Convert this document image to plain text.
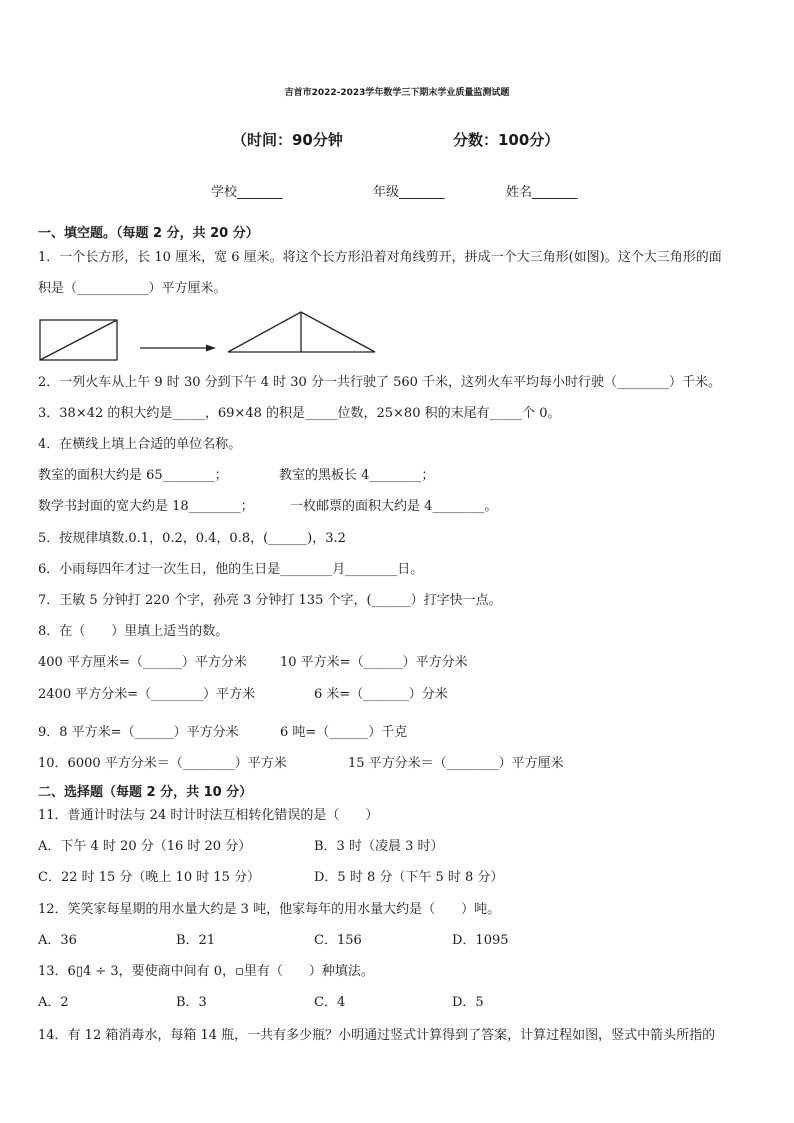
吉首市2022-2023学年数学三下期末学业质量监测试题
（时间：90分钟	分数：100分）
学校_______	年级_______	姓名_______
一、填空题。（每题 2 分，共 20 分）
1．一个长方形，长 10 厘米，宽 6 厘米。将这个长方形沿着对角线剪开，拼成一个大三角形(如图)。这个大三角形的面
积是（___________）平方厘米。
2．一列火车从上午 9 时 30 分到下午 4 时 30 分一共行驶了 560 千米，这列火车平均每小时行驶（________）千米。
3．38×42 的积大约是_____，69×48 的积是_____位数，25×80 积的末尾有_____个 0。
4．在横线上填上合适的单位名称。
教室的面积大约是 65________；	教室的黑板长 4________；
数学书封面的宽大约是 18________；	一枚邮票的面积大约是 4________。
5．按规律填数.0.1，0.2，0.4，0.8，(______)，3.2
6．小雨每四年才过一次生日，他的生日是________月________日。
7．王敏 5 分钟打 220 个字，孙亮 3 分钟打 135 个字，(______）打字快一点。
8．在（　　）里填上适当的数。
400 平方厘米=（______）平方分米	10 平方米=（______）平方分米
2400 平方分米=（________）平方米	6 米=（_______）分米
9．8 平方米=（______）平方分米	6 吨=（______）千克
10．6000 平方分米＝（________）平方米	15 平方分米＝（________）平方厘米
二、选择题（每题 2 分，共 10 分）
11．普通计时法与 24 时计时法互相转化错误的是（　　）
A．下午 4 时 20 分（16 时 20 分）	B．3 时（凌晨 3 时）
C．22 时 15 分（晚上 10 时 15 分）	D．5 时 8 分（下午 5 时 8 分）
12．笑笑家每星期的用水量大约是 3 吨，他家每年的用水量大约是（　　）吨。
A．36	B．21	C．156	D．1095
13．6▯4 ÷ 3，要使商中间有 0，▫里有（　　）种填法。
A．2	B．3	C．4	D．5
14．有 12 箱消毒水，每箱 14 瓶，一共有多少瓶？小明通过竖式计算得到了答案，计算过程如图，竖式中箭头所指的
